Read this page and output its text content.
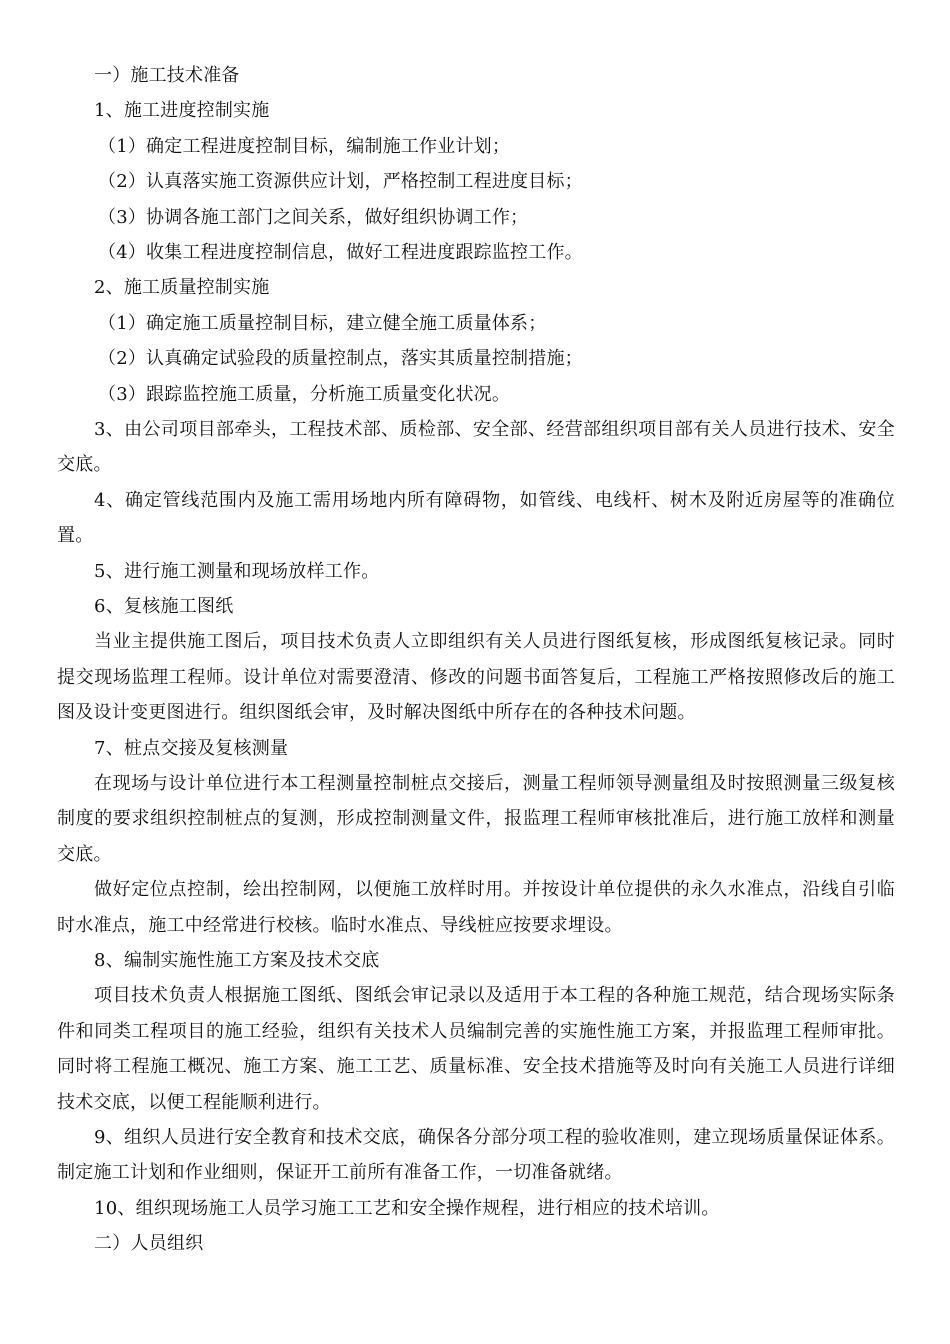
一）施工技术准备

1、施工进度控制实施

（1）确定工程进度控制目标，编制施工作业计划；

（2）认真落实施工资源供应计划，严格控制工程进度目标；

（3）协调各施工部门之间关系，做好组织协调工作；

（4）收集工程进度控制信息，做好工程进度跟踪监控工作。

2、施工质量控制实施

（1）确定施工质量控制目标，建立健全施工质量体系；

（2）认真确定试验段的质量控制点，落实其质量控制措施；

（3）跟踪监控施工质量，分析施工质量变化状况。

3、由公司项目部牵头，工程技术部、质检部、安全部、经营部组织项目部有关人员进行技术、安全交底。

4、确定管线范围内及施工需用场地内所有障碍物，如管线、电线杆、树木及附近房屋等的准确位置。

5、进行施工测量和现场放样工作。

6、复核施工图纸

当业主提供施工图后，项目技术负责人立即组织有关人员进行图纸复核，形成图纸复核记录。同时提交现场监理工程师。设计单位对需要澄清、修改的问题书面答复后，工程施工严格按照修改后的施工图及设计变更图进行。组织图纸会审，及时解决图纸中所存在的各种技术问题。

7、桩点交接及复核测量

在现场与设计单位进行本工程测量控制桩点交接后，测量工程师领导测量组及时按照测量三级复核制度的要求组织控制桩点的复测，形成控制测量文件，报监理工程师审核批准后，进行施工放样和测量交底。

做好定位点控制，绘出控制网，以便施工放样时用。并按设计单位提供的永久水准点，沿线自引临时水准点，施工中经常进行校核。临时水准点、导线桩应按要求埋设。

8、编制实施性施工方案及技术交底

项目技术负责人根据施工图纸、图纸会审记录以及适用于本工程的各种施工规范，结合现场实际条件和同类工程项目的施工经验，组织有关技术人员编制完善的实施性施工方案，并报监理工程师审批。同时将工程施工概况、施工方案、施工工艺、质量标准、安全技术措施等及时向有关施工人员进行详细技术交底，以便工程能顺利进行。

9、组织人员进行安全教育和技术交底，确保各分部分项工程的验收准则，建立现场质量保证体系。制定施工计划和作业细则，保证开工前所有准备工作，一切准备就绪。

10、组织现场施工人员学习施工工艺和安全操作规程，进行相应的技术培训。

二）人员组织
